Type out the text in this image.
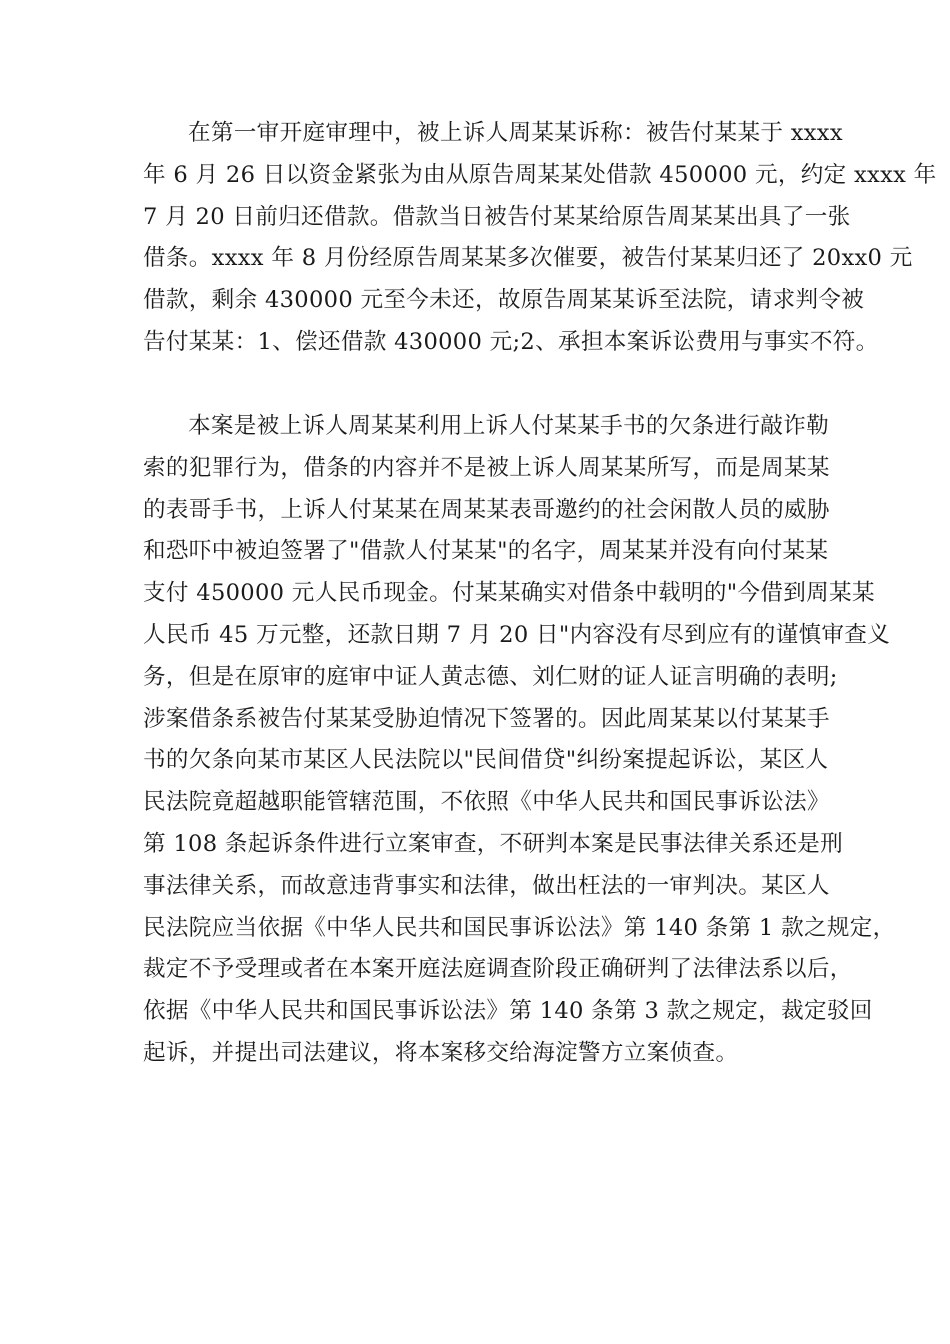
在第一审开庭审理中，被上诉人周某某诉称：被告付某某于 xxxx
年 6 月 26 日以资金紧张为由从原告周某某处借款 450000 元，约定 xxxx 年
7 月 20 日前归还借款。借款当日被告付某某给原告周某某出具了一张
借条。xxxx 年 8 月份经原告周某某多次催要，被告付某某归还了 20xx0 元
借款，剩余 430000 元至今未还，故原告周某某诉至法院，请求判令被
告付某某：1、偿还借款 430000 元;2、承担本案诉讼费用与事实不符。
本案是被上诉人周某某利用上诉人付某某手书的欠条进行敲诈勒
索的犯罪行为，借条的内容并不是被上诉人周某某所写，而是周某某
的表哥手书，上诉人付某某在周某某表哥邀约的社会闲散人员的威胁
和恐吓中被迫签署了"借款人付某某"的名字，周某某并没有向付某某
支付 450000 元人民币现金。付某某确实对借条中载明的"今借到周某某
人民币 45 万元整，还款日期 7 月 20 日"内容没有尽到应有的谨慎审查义
务，但是在原审的庭审中证人黄志德、刘仁财的证人证言明确的表明;
涉案借条系被告付某某受胁迫情况下签署的。因此周某某以付某某手
书的欠条向某市某区人民法院以"民间借贷"纠纷案提起诉讼，某区人
民法院竟超越职能管辖范围，不依照《中华人民共和国民事诉讼法》
第 108 条起诉条件进行立案审查，不研判本案是民事法律关系还是刑
事法律关系，而故意违背事实和法律，做出枉法的一审判决。某区人
民法院应当依据《中华人民共和国民事诉讼法》第 140 条第 1 款之规定，
裁定不予受理或者在本案开庭法庭调查阶段正确研判了法律法系以后，
依据《中华人民共和国民事诉讼法》第 140 条第 3 款之规定，裁定驳回
起诉，并提出司法建议，将本案移交给海淀警方立案侦查。
